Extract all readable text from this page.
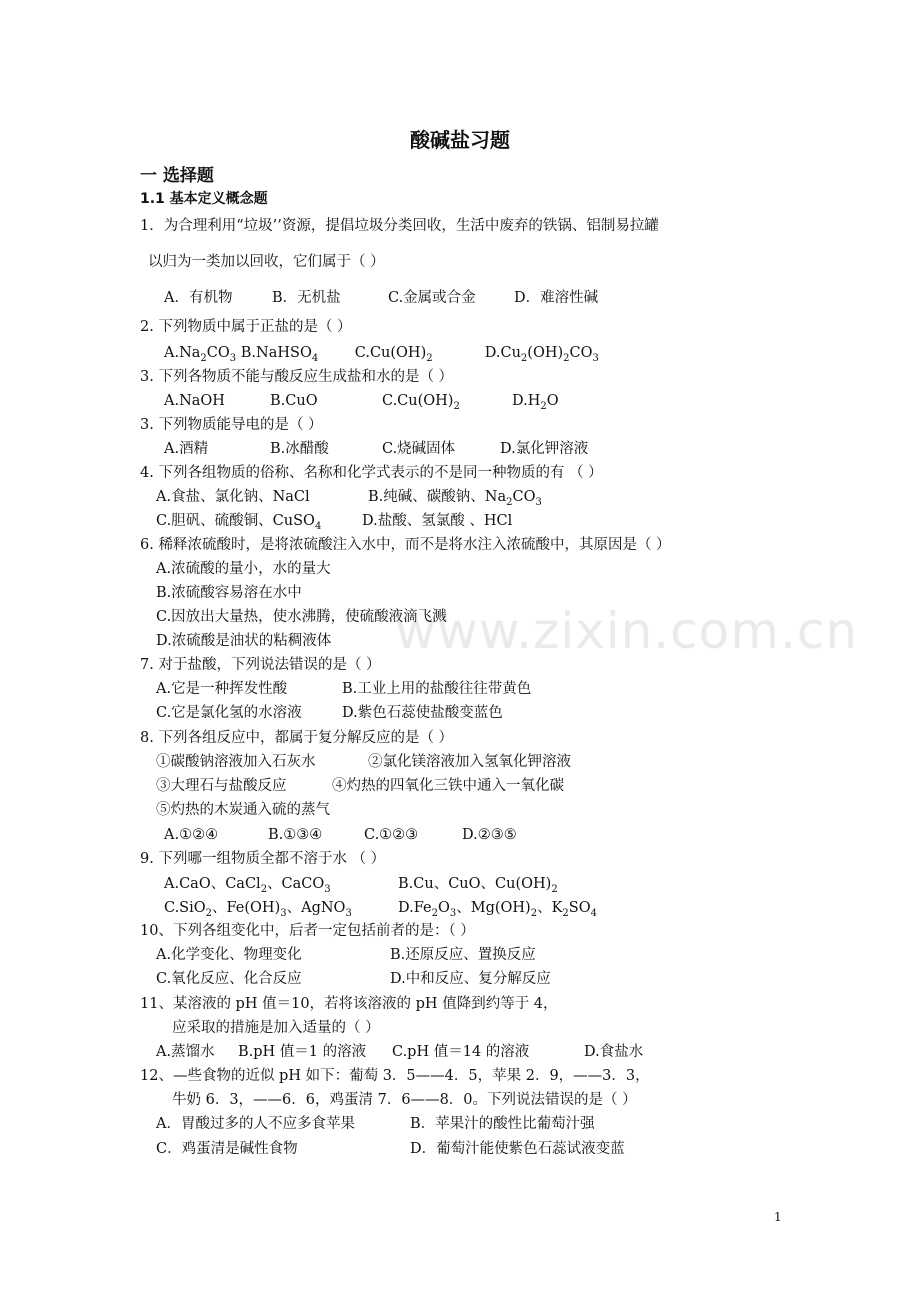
www.zixin.com.cn
酸碱盐习题
一 选择题
1.1 基本定义概念题
1．为合理利用“垃圾’’资源，提倡垃圾分类回收，生活中废弃的铁锅、铝制易拉罐
以归为一类加以回收，它们属于（ ）
A．有机物	B．无机盐	C.金属或合金	D．难溶性碱
2. 下列物质中属于正盐的是（ ）
$A.Na_2CO_3$ B.NaHSO$_4$	$C.Cu(OH)_2$	$D.Cu_2(OH)_2CO_3$
3. 下列各物质不能与酸反应生成盐和水的是（ ）
A.NaOH	B.CuO	$C.Cu(OH)_2$	$D.H_2O$
3. 下列物质能导电的是（ ）
A.酒精	B.冰醋酸	C.烧碱固体	D.氯化钾溶液
4. 下列各组物质的俗称、名称和化学式表示的不是同一种物质的有 （ ）
A.食盐、氯化钠、NaCl	B.纯碱、碳酸钠、$Na_2CO_3$
C.胆矾、硫酸铜、CuSO$_4$	D.盐酸、氢氯酸 、HCl
6. 稀释浓硫酸时，是将浓硫酸注入水中，而不是将水注入浓硫酸中，其原因是（ ）
A.浓硫酸的量小，水的量大
B.浓硫酸容易溶在水中
C.因放出大量热，使水沸腾，使硫酸液滴飞溅
D.浓硫酸是油状的粘稠液体
7. 对于盐酸，下列说法错误的是（ ）
A.它是一种挥发性酸	B.工业上用的盐酸往往带黄色
C.它是氯化氢的水溶液	D.紫色石蕊使盐酸变蓝色
8. 下列各组反应中，都属于复分解反应的是（ ）
①碳酸钠溶液加入石灰水	②氯化镁溶液加入氢氧化钾溶液
③大理石与盐酸反应	④灼热的四氧化三铁中通入一氧化碳
⑤灼热的木炭通入硫的蒸气
A.①②④	B.①③④	C.①②③	D.②③⑤
9. 下列哪一组物质全都不溶于水 （ ）
A.CaO、CaCl$_2$、CaCO$_3$	B.Cu、CuO、$Cu(OH)_2$
C.SiO$_2$、$Fe(OH)_3$、AgNO$_3$	$D.Fe_2O_3$、$Mg(OH)_2$、$K_2SO_4$
10、下列各组变化中，后者一定包括前者的是：（ ）
A.化学变化、物理变化	B.还原反应、置换反应
C.氧化反应、化合反应	D.中和反应、复分解反应
11、某溶液的 pH 值＝10，若将该溶液的 pH 值降到约等于 4，
应采取的措施是加入适量的（ ）
A.蒸馏水 B.pH 值＝1 的溶液 C.pH 值＝14 的溶液	D.食盐水
12、—些食物的近似 pH 如下：葡萄 3．5——4．5，苹果 2．9，——3．3，
牛奶 6．3，——6．6，鸡蛋清 7．6——8．0。下列说法错误的是（ ）
A．胃酸过多的人不应多食苹果	B．苹果汁的酸性比葡萄汁强
C．鸡蛋清是碱性食物	D．葡萄汁能使紫色石蕊试液变蓝
1
